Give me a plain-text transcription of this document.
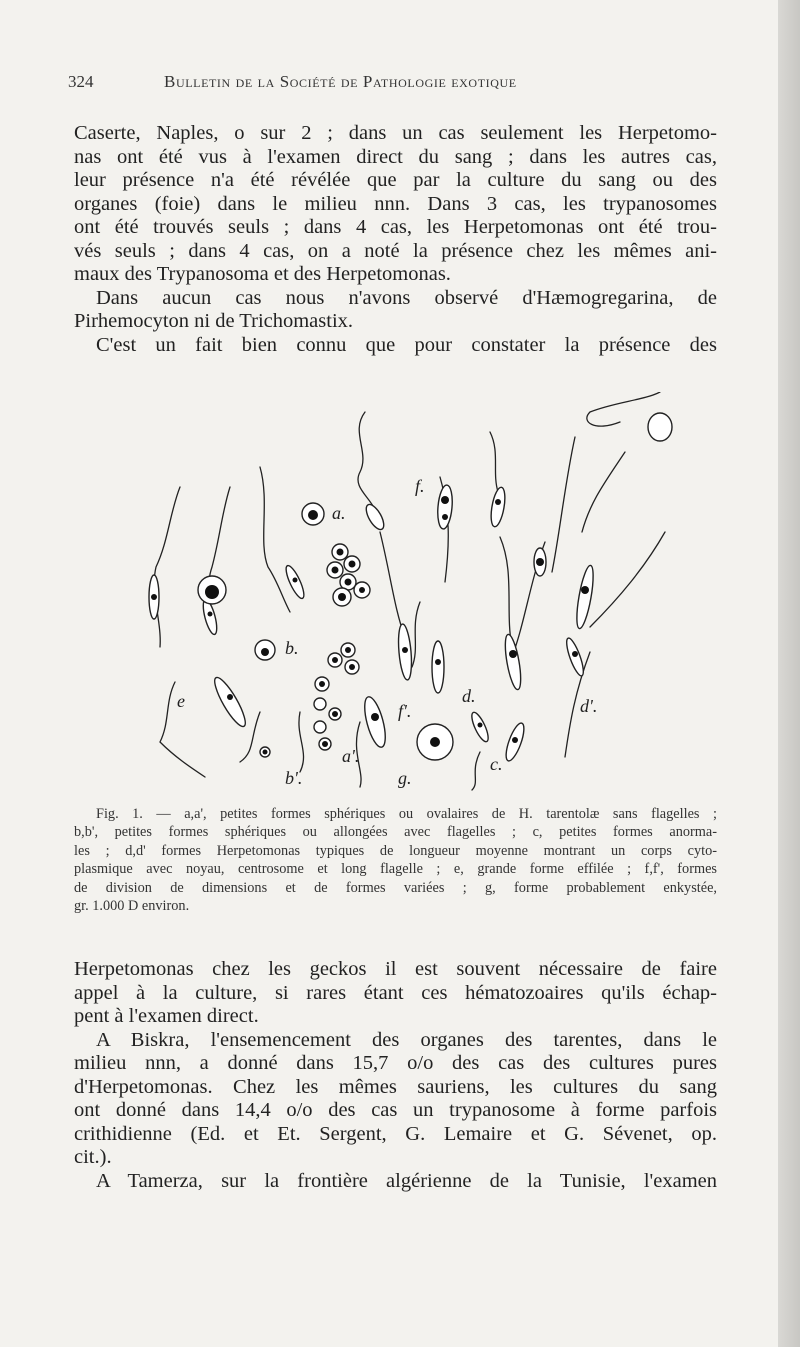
324	Bulletin de la Société de Pathologie exotique
Caserte, Naples, o sur 2 ; dans un cas seulement les Herpetomo-
nas ont été vus à l'examen direct du sang ; dans les autres cas,
leur présence n'a été révélée que par la culture du sang ou des
organes (foie) dans le milieu nnn. Dans 3 cas, les trypanosomes
ont été trouvés seuls ; dans 4 cas, les Herpetomonas ont été trou-
vés seuls ; dans 4 cas, on a noté la présence chez les mêmes ani-
maux des Trypanosoma et des Herpetomonas.
Dans aucun cas nous n'avons observé d'Hæmogregarina, de
Pirhemocyton ni de Trichomastix.
C'est un fait bien connu que pour constater la présence des
a.
a'.
b.
b'.
c.
d.	d'.
e
f.
f'.
g.
Fig. 1. — a,a', petites formes sphériques ou ovalaires de H. tarentolæ sans flagelles ;
b,b', petites formes sphériques ou allongées avec flagelles ; c, petites formes anorma-
les ; d,d' formes Herpetomonas typiques de longueur moyenne montrant un corps cyto-
plasmique avec noyau, centrosome et long flagelle ; e, grande forme effilée ; f,f', formes
de division de dimensions et de formes variées ; g, forme probablement enkystée,
gr. 1.000 D environ.
Herpetomonas chez les geckos il est souvent nécessaire de faire
appel à la culture, si rares étant ces hématozoaires qu'ils échap-
pent à l'examen direct.
A Biskra, l'ensemencement des organes des tarentes, dans le
milieu nnn, a donné dans 15,7 o/o des cas des cultures pures
d'Herpetomonas. Chez les mêmes sauriens, les cultures du sang
ont donné dans 14,4 o/o des cas un trypanosome à forme parfois
crithidienne (Ed. et Et. Sergent, G. Lemaire et G. Sévenet, op.
cit.).
A Tamerza, sur la frontière algérienne de la Tunisie, l'examen
